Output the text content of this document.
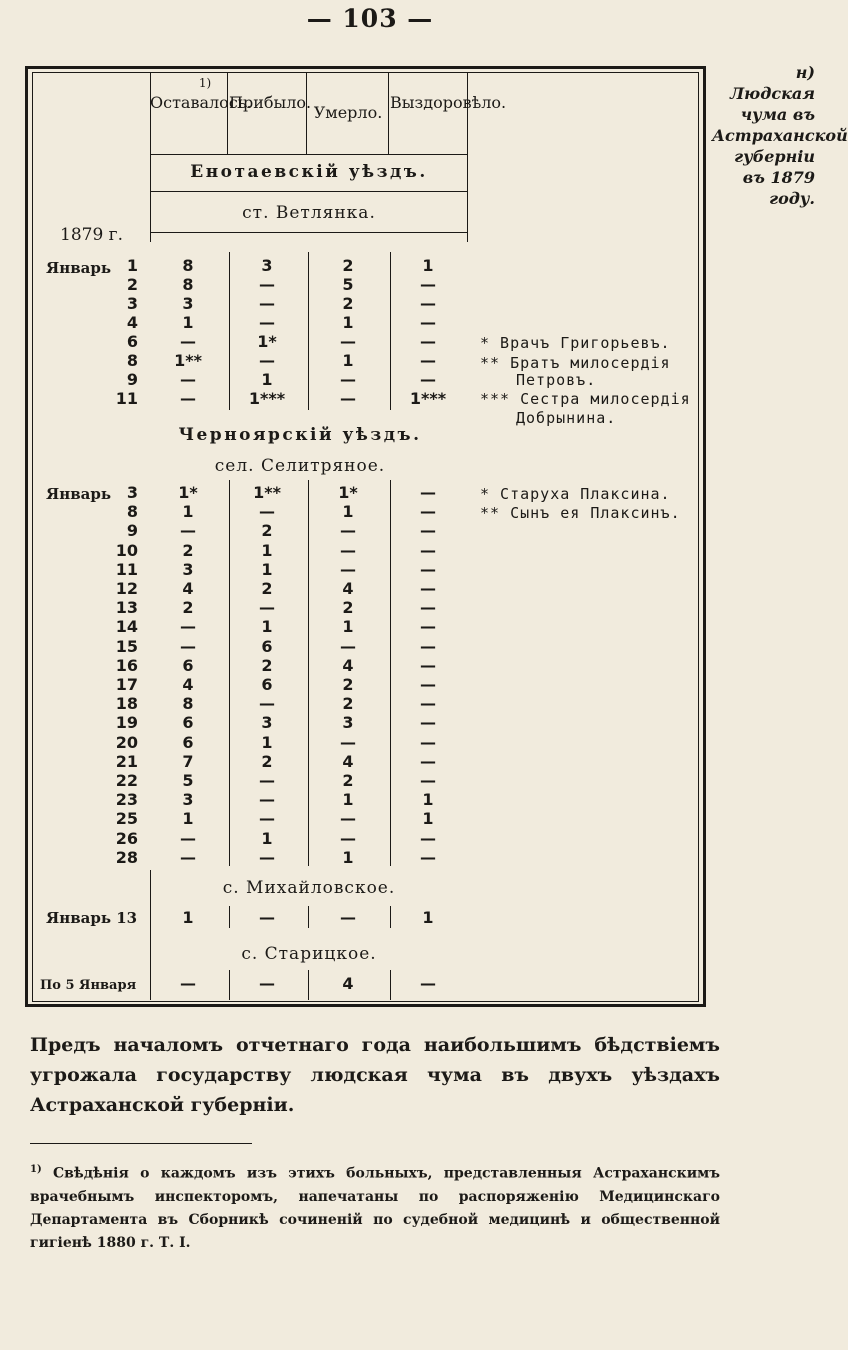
— 103 —
н) Людская чума въ Астраханской губерніи въ 1879 году.
1)
Оставалось.
Прибыло.
Умерло.
Выздоровѣло.
Енотаевскій уѣздъ.
ст. Ветлянка.
1879 г.
Черноярскій уѣздъ.
сел. Селитряное.
с. Михайловское.
с. Старицкое.
Январь 1	8	3	2	1
2	8	—	5	—
3	3	—	2	—
4	1	—	1	—
6	—	1*	—	—
8	1**	—	1	—
9	—	1	—	—
11	—	1***	—	1***
* Врачъ Григорьевъ.
** Братъ милосердія
Петровъ.
*** Сестра милосердія
Добрынина.
Январь 3	1*	1**	1*	—
8	1	—	1	—
9	—	2	—	—
10	2	1	—	—
11	3	1	—	—
12	4	2	4	—
13	2	—	2	—
14	—	1	1	—
15	—	6	—	—
16	6	2	4	—
17	4	6	2	—
18	8	—	2	—
19	6	3	3	—
20	6	1	—	—
21	7	2	4	—
22	5	—	2	—
23	3	—	1	1
25	1	—	—	1
26	—	1	—	—
28	—	—	1	—
* Старуха Плаксина.
** Сынъ ея Плаксинъ.
Январь 13	1	—	—	1
По 5 Января	—	—	4	—
Предъ началомъ отчетнаго года наибольшимъ бѣдствіемъ угрожала государству людская чума въ двухъ уѣздахъ Астраханской губерніи.
$^{1)}$ Свѣдѣнія о каждомъ изъ этихъ больныхъ, представленныя Астраханскимъ врачебнымъ инспекторомъ, напечатаны по распоряженію Медицинскаго Департамента въ Сборникѣ сочиненій по судебной медицинѣ и общественной гигіенѣ 1880 г. Т. I.
